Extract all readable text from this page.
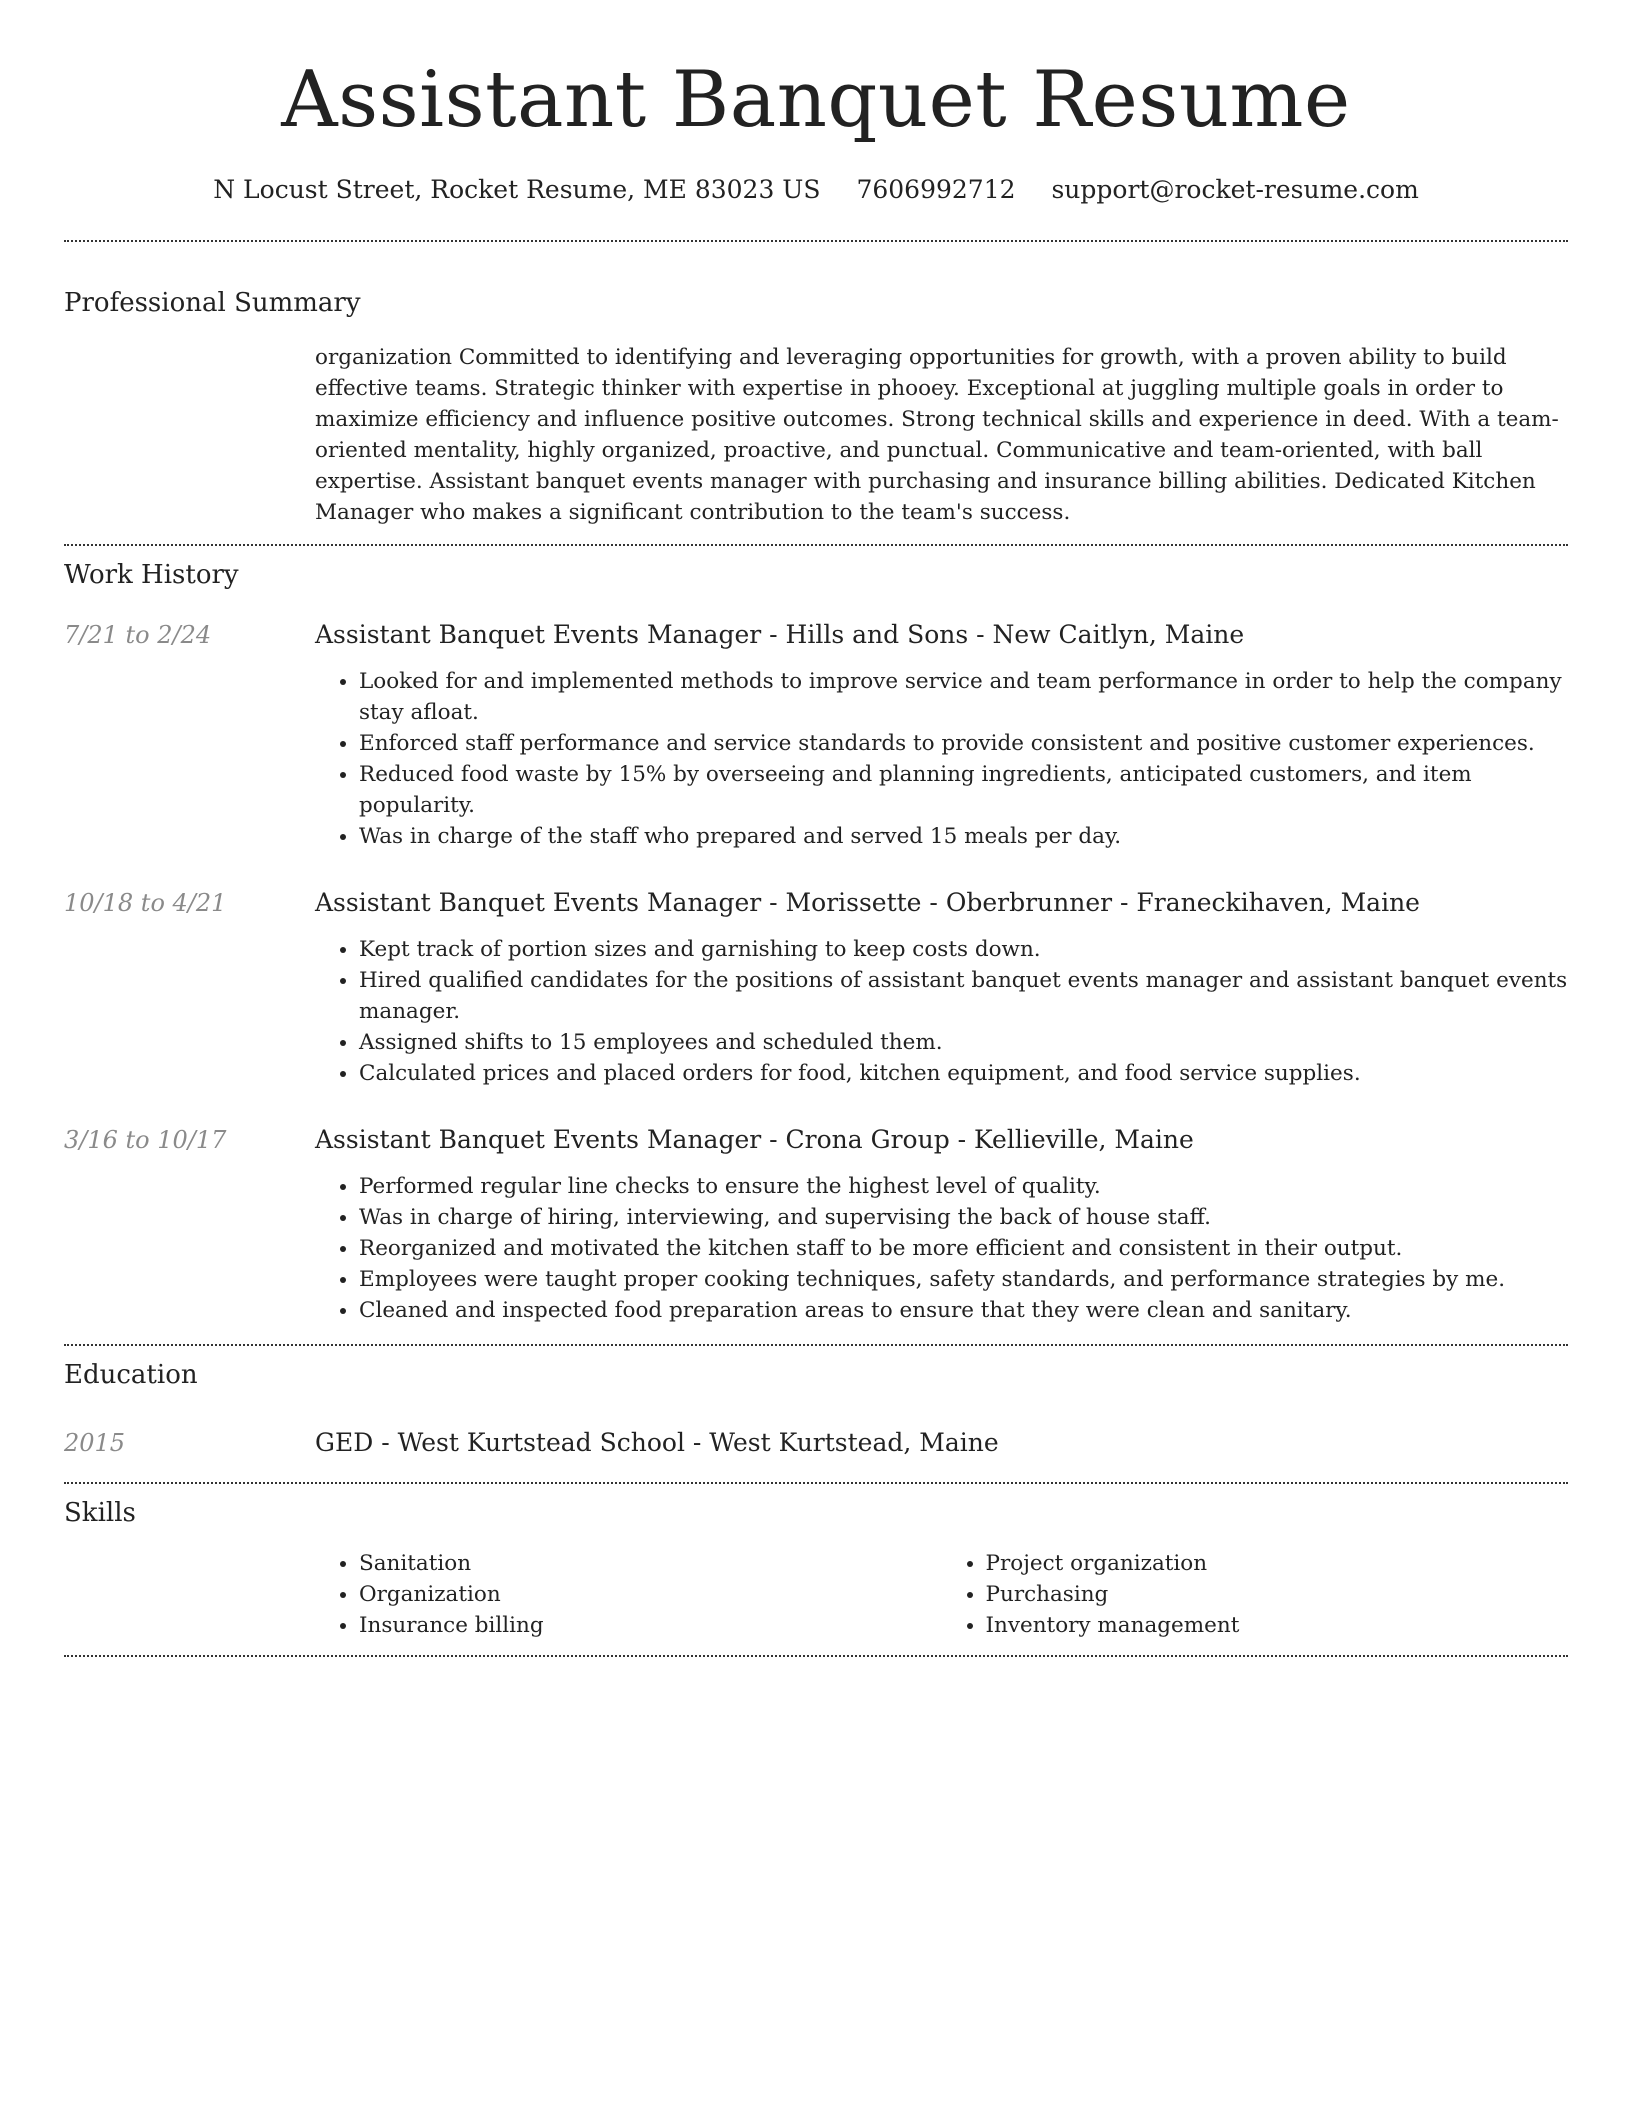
Assistant Banquet Resume
N Locust Street, Rocket Resume, ME 83023 US 7606992712 support@rocket-resume.com
Professional Summary
organization Committed to identifying and leveraging opportunities for growth, with a proven ability to build effective teams. Strategic thinker with expertise in phooey. Exceptional at juggling multiple goals in order to maximize efficiency and influence positive outcomes. Strong technical skills and experience in deed. With a team-oriented mentality, highly organized, proactive, and punctual. Communicative and team-oriented, with ball expertise. Assistant banquet events manager with purchasing and insurance billing abilities. Dedicated Kitchen Manager who makes a significant contribution to the team's success.
Work History
7/21 to 2/24	Assistant Banquet Events Manager - Hills and Sons - New Caitlyn, Maine
• Looked for and implemented methods to improve service and team performance in order to help the company stay afloat.
• Enforced staff performance and service standards to provide consistent and positive customer experiences.
• Reduced food waste by 15% by overseeing and planning ingredients, anticipated customers, and item popularity.
• Was in charge of the staff who prepared and served 15 meals per day.
10/18 to 4/21	Assistant Banquet Events Manager - Morissette - Oberbrunner - Franeckihaven, Maine
• Kept track of portion sizes and garnishing to keep costs down.
• Hired qualified candidates for the positions of assistant banquet events manager and assistant banquet events manager.
• Assigned shifts to 15 employees and scheduled them.
• Calculated prices and placed orders for food, kitchen equipment, and food service supplies.
3/16 to 10/17	Assistant Banquet Events Manager - Crona Group - Kellieville, Maine
• Performed regular line checks to ensure the highest level of quality.
• Was in charge of hiring, interviewing, and supervising the back of house staff.
• Reorganized and motivated the kitchen staff to be more efficient and consistent in their output.
• Employees were taught proper cooking techniques, safety standards, and performance strategies by me.
• Cleaned and inspected food preparation areas to ensure that they were clean and sanitary.
Education
2015	GED - West Kurtstead School - West Kurtstead, Maine
Skills
• Sanitation
• Organization
• Insurance billing
• Project organization
• Purchasing
• Inventory management
